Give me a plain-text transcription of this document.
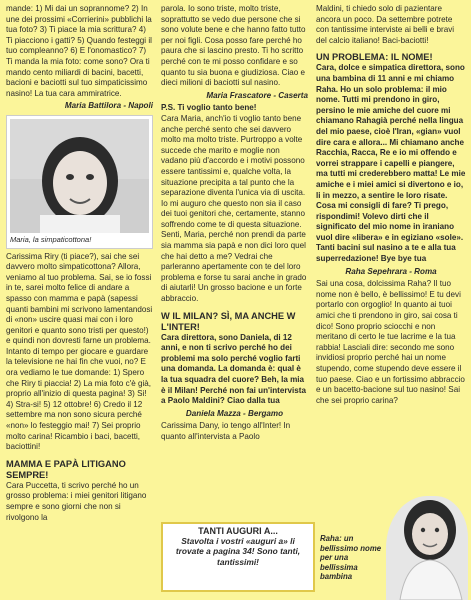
mande: 1) Mi dai un soprannome? 2) In une dei prossimi «Corrierini» pubblichi la tua foto? 3) Ti piace la mia scrittura? 4) Ti piacciono i gatti? 5) Quando festeggi il tuo compleanno? 6) E l'onomastico? 7) Ti manda la mia foto: come sono? Ora ti mando cento miliardi di bacini, bacetti, bacioni e baciotti sul tuo simpaticissimo nasino! La tua cara ammiratrice.

Maria Battilora - Napoli

Maria, la simpaticottona!

Carissima Riry (ti piace?), sai che sei davvero molto simpaticottona? Allora, veniamo al tuo problema. Sai, se io fossi in te, sarei molto felice di andare a spasso con mamma e papà (sapessi quanti bambini mi scrivono lamentandosi di «non» uscire quasi mai con i loro genitori e quanto sono tristi per questo!) e quindi non dovresti farne un problema. Intanto di tempo per giocare e guardare la televisione ne hai fin che vuoi, no? E ora vediamo le tue domande: 1) Spero che Riry ti piaccia! 2) La mia foto c'è già, proprio all'inizio di questa pagina! 3) Si! 4) Stra-si! 5) 12 ottobre! 6) Credo il 12 settembre ma non sono sicura perché «non» lo festeggio mai! 7) Sei proprio molto carina! Ricambio i baci, bacetti, baciottini!

MAMMA E PAPÀ LITIGANO SEMPRE!

Cara Puccetta, ti scrivo perché ho un grosso problema: i miei genitori litigano sempre e sono giorni che non si rivolgono la

parola. Io sono triste, molto triste, soprattutto se vedo due persone che si sono volute bene e che hanno fatto tutto per noi figli. Cosa posso fare perché ho paura che si lascino presto. Ti ho scritto perché con te mi posso confidare e so quanto tu sia buona e giudiziosa. Ciao e dieci milioni di baciotti sul nasino.

Maria Frascatore - Caserta

P.S. Ti voglio tanto bene!

Cara Maria, anch'io ti voglio tanto bene anche perché sento che sei davvero molto ma molto triste. Purtroppo a volte succede che marito e moglie non vadano più d'accordo e i motivi possono essere tantissimi e, qualche volta, la situazione precipita a tal punto che la separazione diventa l'unica via di uscita. Io mi auguro che questo non sia il caso dei tuoi genitori che, certamente, stanno soffrendo come te di questa situazione. Senti, Maria, perché non prendi da parte sia mamma sia papà e non dici loro quel che hai detto a me? Vedrai che parleranno apertamente con te del loro problema e forse tu sarai anche in grado di aiutarli! Un grosso bacione e un forte abbraccio.

W IL MILAN? SÌ, MA ANCHE W L'INTER!

Cara direttora, sono Daniela, di 12 anni, e non ti scrivo perché ho dei problemi ma solo perché voglio farti una domanda. La domanda è: qual è la tua squadra del cuore? Beh, la mia è il Milan! Perché non fai un'intervista a Paolo Maldini? Ciao dalla tua

Daniela Mazza - Bergamo

Carissima Dany, io tengo all'Inter! In quanto all'intervista a Paolo

Maldini, ti chiedo solo di pazientare ancora un poco. Da settembre potrete con tantissime interviste ai belli e bravi del calcio italiano! Baci-baciotti!

UN PROBLEMA: IL NOME!

Cara, dolce e simpatica direttora, sono una bambina di 11 anni e mi chiamo Raha. Ho un solo problema: il mio nome. Tutti mi prendono in giro, persino le mie amiche del cuore mi chiamano Rahagià perché nella lingua del mio paese, cioè l'Iran, «gian» vuol dire cara e allora... Mi chiamano anche Racchia, Racca, Re e io mi offendo e vorrei strappare i capelli e piangere, ma tutti mi crederebbero matta! Le mie amiche e i miei amici si divertono e io, li in mezzo, a sentire le loro risate. Cosa mi consigli di fare? Ti prego, rispondimi! Volevo dirti che il significato del mio nome in iraniano vuol dire «libera» e in egiziano «sole». Tanti bacini sul nasino a te e alla tua superredazione! Bye bye tua

Raha Sepehrara - Roma

Sai una cosa, dolcissima Raha? Il tuo nome non è bello, è bellissimo! E tu devi portarlo con orgoglio! In quanto ai tuoi amici che ti prendono in giro, sai cosa ti dico! Sono proprio sciocchi e non meritano di certo le tue lacrime e la tua rabbia! Lasciali dire: secondo me sono invidiosi proprio perché hai un nome stupendo, come stupendo deve essere il tuo paese. Ciao e un fortissimo abbraccio e un bacetto-bacione sul tuo nasino! Sai che sei proprio carina?

TANTI AUGURI A...
Stavolta i vostri «auguri a» li trovate a pagina 34! Sono tanti, tantissimi!
Raha: un bellissimo nome per una bellissima bambina
